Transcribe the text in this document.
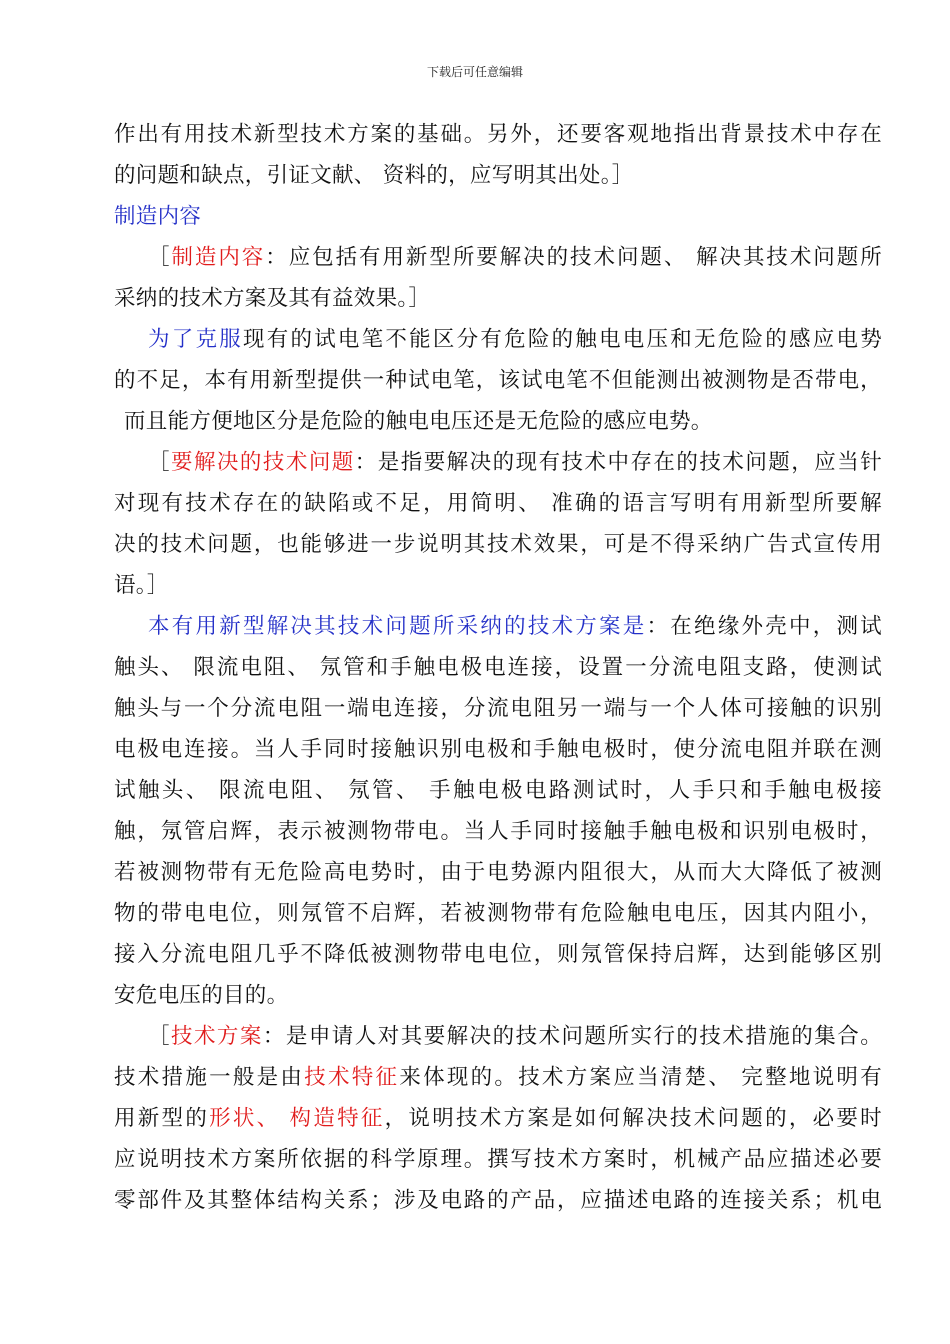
下载后可任意编辑
作出有用技术新型技术方案的基础。另外，还要客观地指出背景技术中存在
的问题和缺点，引证文献、 资料的，应写明其出处。］
制造内容
［制造内容：应包括有用新型所要解决的技术问题、 解决其技术问题所
采纳的技术方案及其有益效果。］
为了克服现有的试电笔不能区分有危险的触电电压和无危险的感应电势
的不足，本有用新型提供一种试电笔，该试电笔不但能测出被测物是否带电，
而且能方便地区分是危险的触电电压还是无危险的感应电势。
［要解决的技术问题：是指要解决的现有技术中存在的技术问题，应当针
对现有技术存在的缺陷或不足，用简明、 准确的语言写明有用新型所要解
决的技术问题，也能够进一步说明其技术效果，可是不得采纳广告式宣传用
语。］
本有用新型解决其技术问题所采纳的技术方案是：在绝缘外壳中，测试
触头、 限流电阻、 氖管和手触电极电连接，设置一分流电阻支路，使测试
触头与一个分流电阻一端电连接，分流电阻另一端与一个人体可接触的识别
电极电连接。当人手同时接触识别电极和手触电极时，使分流电阻并联在测
试触头、 限流电阻、 氖管、 手触电极电路测试时，人手只和手触电极接
触，氖管启辉，表示被测物带电。当人手同时接触手触电极和识别电极时，
若被测物带有无危险高电势时，由于电势源内阻很大，从而大大降低了被测
物的带电电位，则氖管不启辉，若被测物带有危险触电电压，因其内阻小，
接入分流电阻几乎不降低被测物带电电位，则氖管保持启辉，达到能够区别
安危电压的目的。
［技术方案：是申请人对其要解决的技术问题所实行的技术措施的集合。
技术措施一般是由技术特征来体现的。技术方案应当清楚、 完整地说明有
用新型的形状、 构造特征，说明技术方案是如何解决技术问题的，必要时
应说明技术方案所依据的科学原理。撰写技术方案时，机械产品应描述必要
零部件及其整体结构关系；涉及电路的产品，应描述电路的连接关系；机电
